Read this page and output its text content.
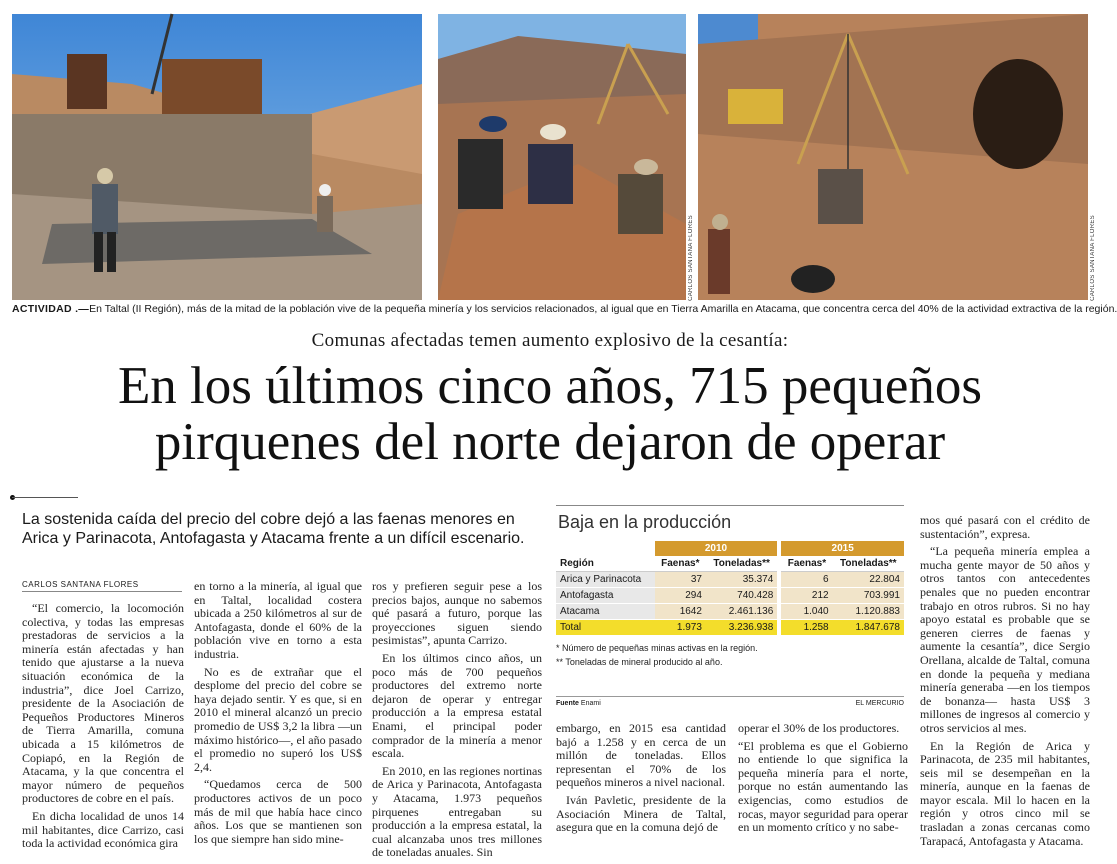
CARLOS SANTANA FLORES	CARLOS SANTANA FLORES
ACTIVIDAD .—En Taltal (II Región), más de la mitad de la población vive de la pequeña minería y los servicios relacionados, al igual que en Tierra Amarilla en Atacama, que concentra cerca del 40% de la actividad extractiva de la región.
Comunas afectadas temen aumento explosivo de la cesantía:
En los últimos cinco años, 715 pequeños
pirquenes del norte dejaron de operar
La sostenida caída del precio del cobre dejó a las faenas menores en Arica y Parinacota, Antofagasta y Atacama frente a un difícil escenario.
CARLOS SANTANA FLORES

“El comercio, la locomoción colectiva, y todas las empresas prestadoras de servicios a la minería están afectadas y han tenido que ajustarse a la nueva situación económica de la industria”, dice Joel Carrizo, presidente de la Asociación de Pequeños Productores Mineros de Tierra Amarilla, comuna ubicada a 15 kilómetros de Copiapó, en la Región de Atacama, y la que concentra el mayor número de pequeños productores de cobre en el país.

En dicha localidad de unos 14 mil habitantes, dice Carrizo, casi toda la actividad económica gira

en torno a la minería, al igual que en Taltal, localidad costera ubicada a 250 kilómetros al sur de Antofagasta, donde el 60% de la población vive en torno a esta industria.

No es de extrañar que el desplome del precio del cobre se haya dejado sentir. Y es que, si en 2010 el mineral alcanzó un precio promedio de US$ 3,2 la libra —un máximo histórico—, el año pasado el promedio no superó los US$ 2,4.

“Quedamos cerca de 500 productores activos de un poco más de mil que había hace cinco años. Los que se mantienen son los que siempre han sido mine-

ros y prefieren seguir pese a los precios bajos, aunque no sabemos qué pasará a futuro, porque las proyecciones siguen siendo pesimistas”, apunta Carrizo.

En los últimos cinco años, un poco más de 700 pequeños productores del extremo norte dejaron de operar y entregar producción a la empresa estatal Enami, el principal poder comprador de la minería a menor escala.

En 2010, en las regiones nortinas de Arica y Parinacota, Antofagasta y Atacama, 1.973 pequeños pirquenes entregaban su producción a la empresa estatal, la cual alcanzaba unos tres millones de toneladas anuales. Sin

Baja en la producción
	2010			2015	
Región	Faenas*	Toneladas**		Faenas*	Toneladas**
Arica y Parinacota	37	35.374		6	22.804
Antofagasta	294	740.428		212	703.991
Atacama	1642	2.461.136		1.040	1.120.883
Total	1.973	3.236.938		1.258	1.847.678
* Número de pequeñas minas activas en la región.
** Toneladas de mineral producido al año.
Fuente Enami	EL MERCURIO

embargo, en 2015 esa cantidad bajó a 1.258 y en cerca de un millón de toneladas. Ellos representan el 70% de los pequeños mineros a nivel nacional.

Iván Pavletic, presidente de la Asociación Minera de Taltal, asegura que en la comuna dejó de

operar el 30% de los productores.

“El problema es que el Gobierno no entiende lo que significa la pequeña minería para el norte, porque no están aumentando las exigencias, como estudios de rocas, mayor seguridad para operar en un momento crítico y no sabe-

mos qué pasará con el crédito de sustentación”, expresa.

“La pequeña minería emplea a mucha gente mayor de 50 años y otros tantos con antecedentes penales que no pueden encontrar trabajo en otros rubros. Si no hay apoyo estatal es probable que se generen cierres de faenas y aumente la cesantía”, dice Sergio Orellana, alcalde de Taltal, comuna en donde la pequeña y mediana minería generaba —en los tiempos de bonanza— hasta US$ 3 millones de ingresos al comercio y otros servicios al mes.

En la Región de Arica y Parinacota, de 235 mil habitantes, seis mil se desempeñan en la minería, aunque en la faenas de mayor escala. Mil lo hacen en la región y otros cinco mil se trasladan a zonas cercanas como Tarapacá, Antofagasta y Atacama.
